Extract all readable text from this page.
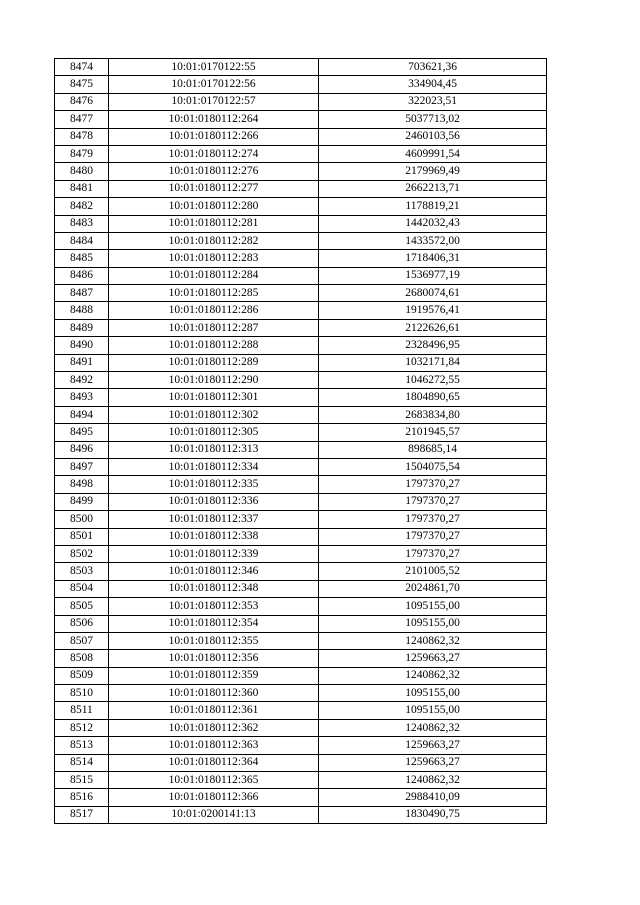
8474	10:01:0170122:55	703621,36
8475	10:01:0170122:56	334904,45
8476	10:01:0170122:57	322023,51
8477	10:01:0180112:264	5037713,02
8478	10:01:0180112:266	2460103,56
8479	10:01:0180112:274	4609991,54
8480	10:01:0180112:276	2179969,49
8481	10:01:0180112:277	2662213,71
8482	10:01:0180112:280	1178819,21
8483	10:01:0180112:281	1442032,43
8484	10:01:0180112:282	1433572,00
8485	10:01:0180112:283	1718406,31
8486	10:01:0180112:284	1536977,19
8487	10:01:0180112:285	2680074,61
8488	10:01:0180112:286	1919576,41
8489	10:01:0180112:287	2122626,61
8490	10:01:0180112:288	2328496,95
8491	10:01:0180112:289	1032171,84
8492	10:01:0180112:290	1046272,55
8493	10:01:0180112:301	1804890,65
8494	10:01:0180112:302	2683834,80
8495	10:01:0180112:305	2101945,57
8496	10:01:0180112:313	898685,14
8497	10:01:0180112:334	1504075,54
8498	10:01:0180112:335	1797370,27
8499	10:01:0180112:336	1797370,27
8500	10:01:0180112:337	1797370,27
8501	10:01:0180112:338	1797370,27
8502	10:01:0180112:339	1797370,27
8503	10:01:0180112:346	2101005,52
8504	10:01:0180112:348	2024861,70
8505	10:01:0180112:353	1095155,00
8506	10:01:0180112:354	1095155,00
8507	10:01:0180112:355	1240862,32
8508	10:01:0180112:356	1259663,27
8509	10:01:0180112:359	1240862,32
8510	10:01:0180112:360	1095155,00
8511	10:01:0180112:361	1095155,00
8512	10:01:0180112:362	1240862,32
8513	10:01:0180112:363	1259663,27
8514	10:01:0180112:364	1259663,27
8515	10:01:0180112:365	1240862,32
8516	10:01:0180112:366	2988410,09
8517	10:01:0200141:13	1830490,75
